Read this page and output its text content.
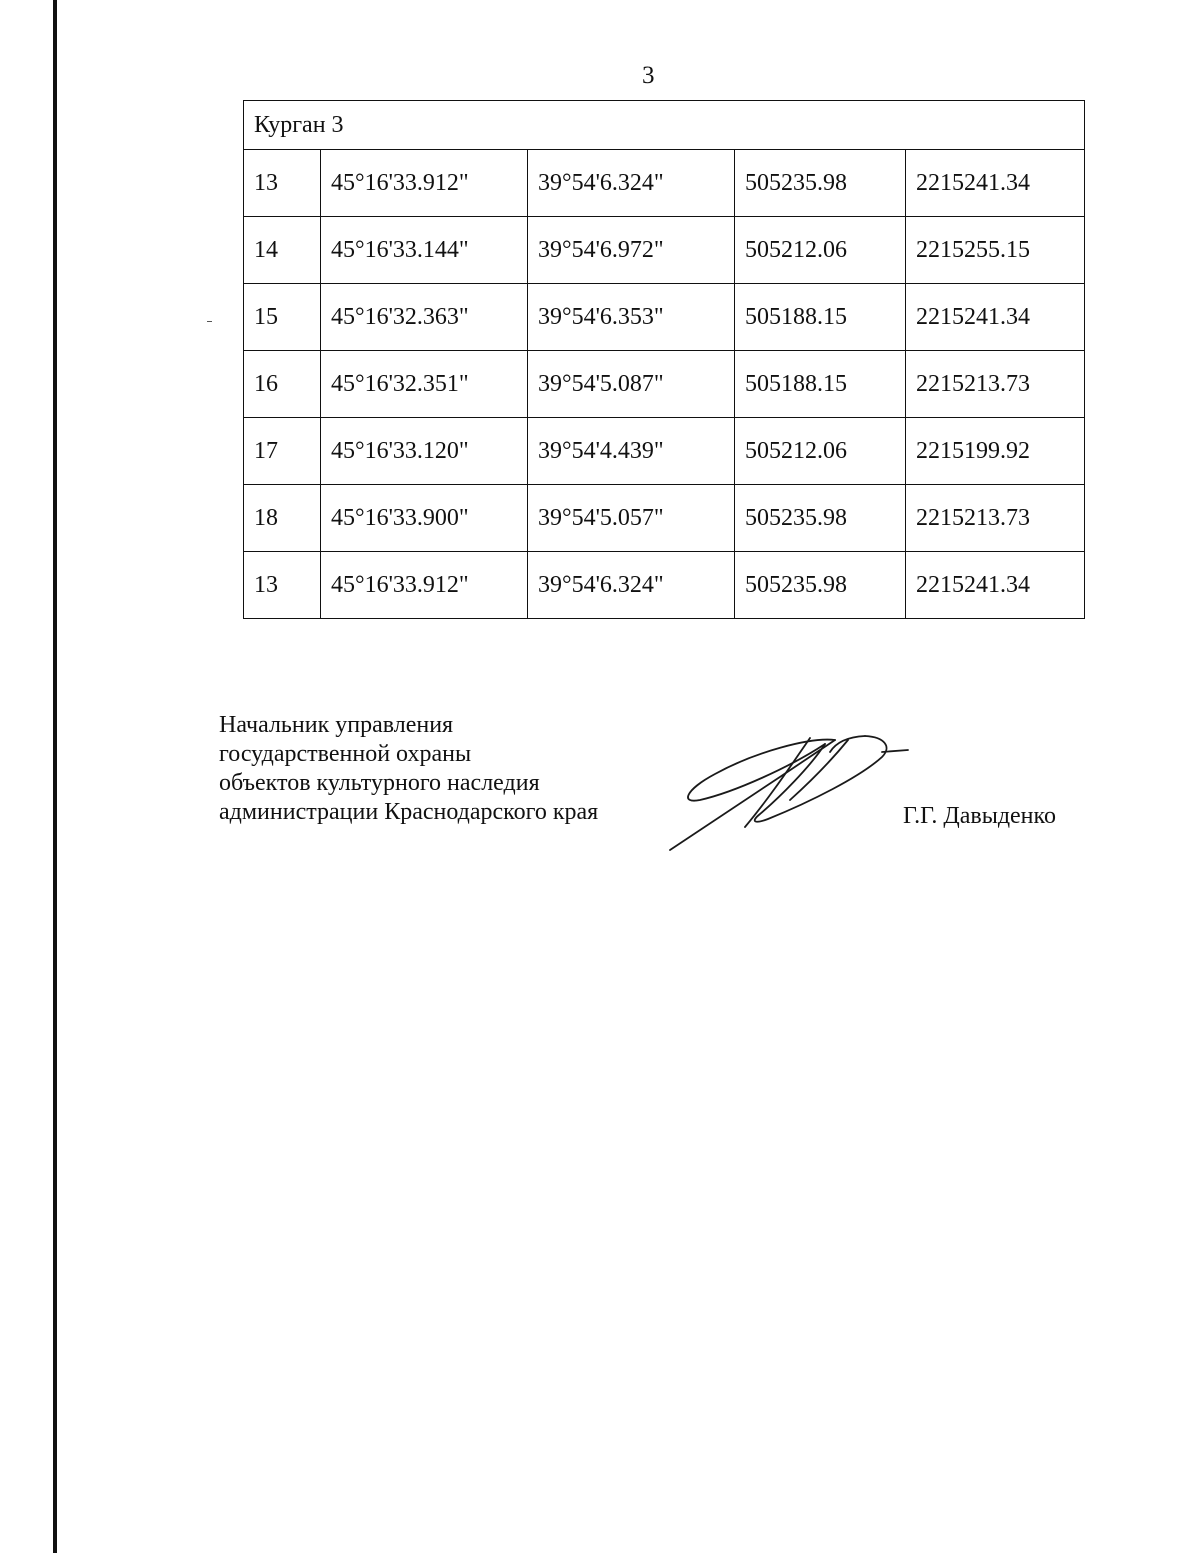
3
Курган 3				
13	45°16'33.912"	39°54'6.324"	505235.98	2215241.34
14	45°16'33.144"	39°54'6.972"	505212.06	2215255.15
15	45°16'32.363"	39°54'6.353"	505188.15	2215241.34
16	45°16'32.351"	39°54'5.087"	505188.15	2215213.73
17	45°16'33.120"	39°54'4.439"	505212.06	2215199.92
18	45°16'33.900"	39°54'5.057"	505235.98	2215213.73
13	45°16'33.912"	39°54'6.324"	505235.98	2215241.34
Начальник управления
государственной охраны
объектов культурного наследия
администрации Краснодарского края	Г.Г. Давыденко
